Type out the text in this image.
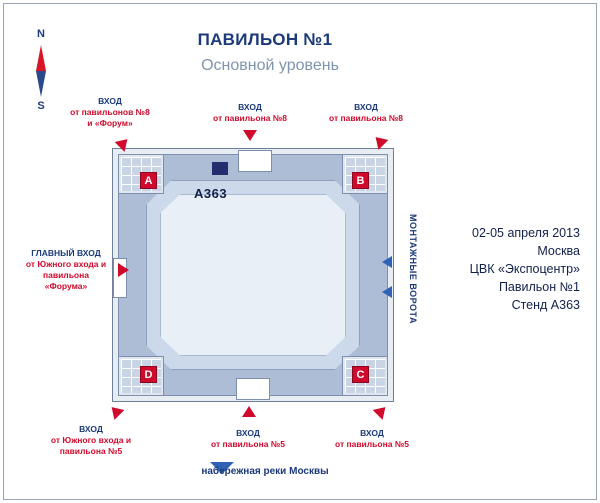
ПАВИЛЬОН №1
Основной уровень
N
S
A	B
C
D
A363
ВХОД
от павильонов №8
и «Форум»
ВХОД
от павильона №8
ВХОД
от павильона №8
ГЛАВНЫЙ ВХОД
от Южного входа и
павильона
«Форума»
ВХОД
от Южного входа и
павильона №5
ВХОД
от павильона №5
ВХОД
от павильона №5
МОНТАЖНЫЕ ВОРОТА	02-05 апреля 2013
Москва
ЦВК «Экспоцентр»
Павильон №1
Стенд А363
набережная реки Москвы
